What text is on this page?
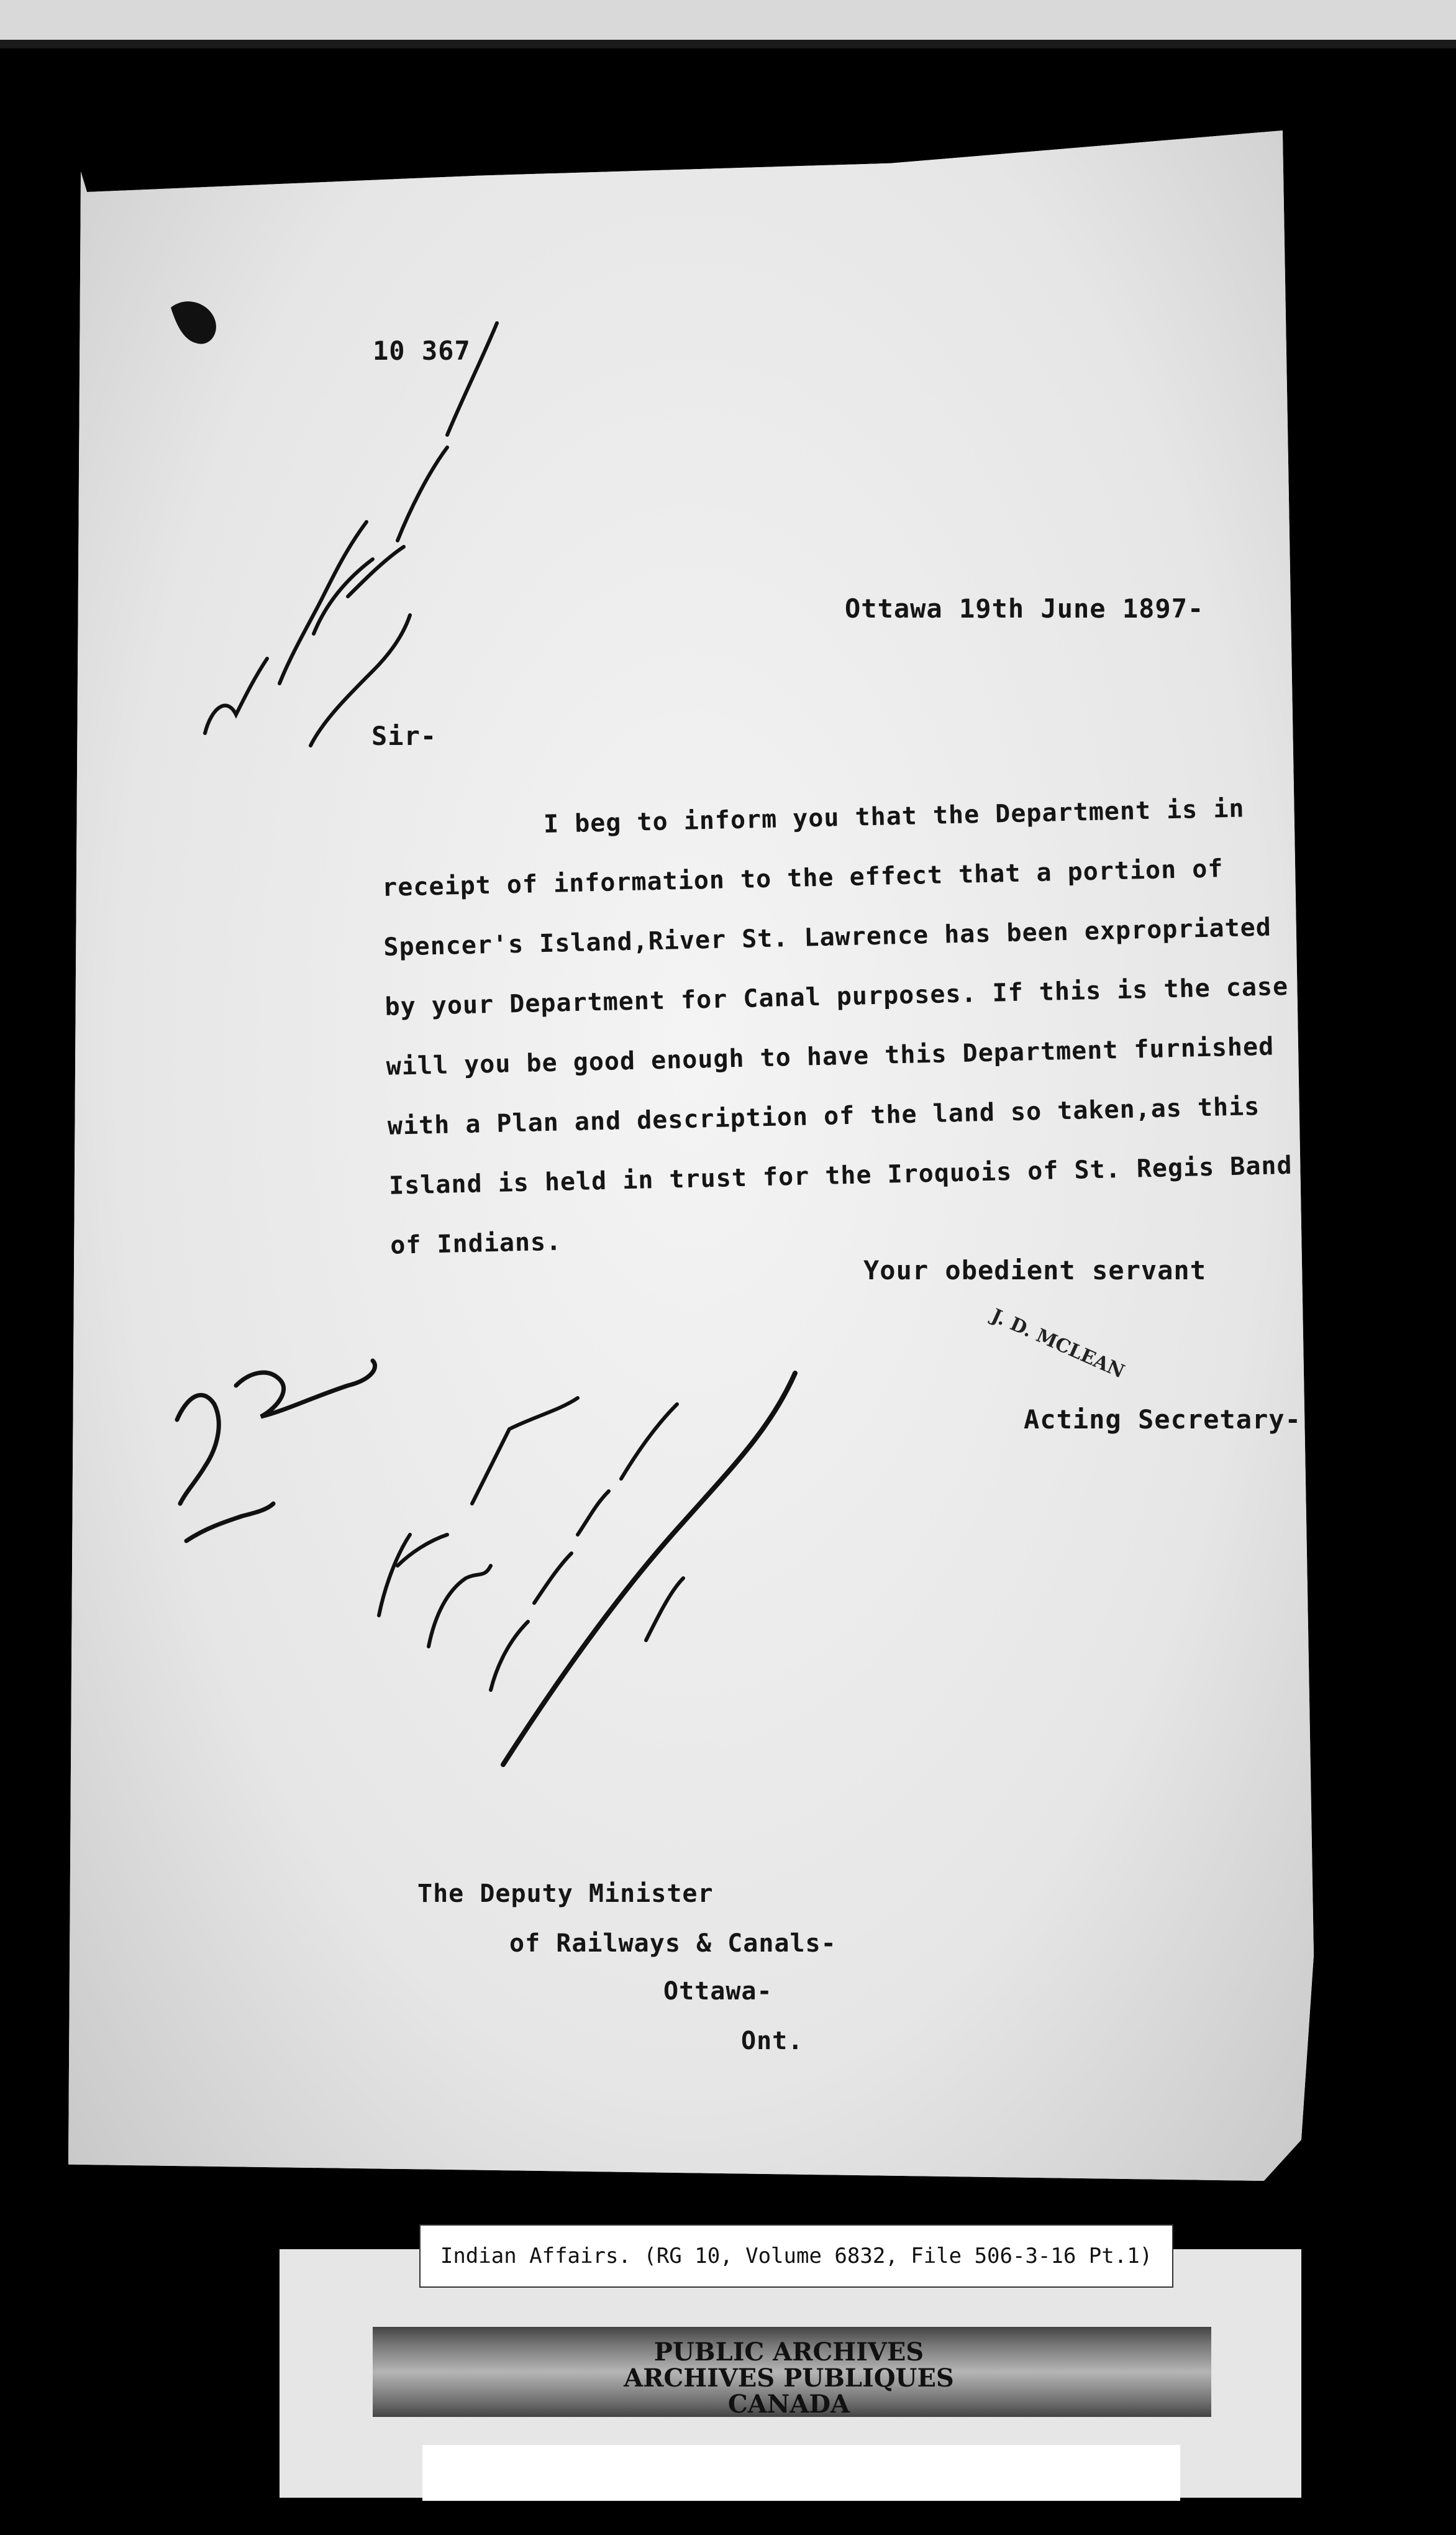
10 367
Ottawa 19th June 1897-
Sir-
I beg to inform you that the Department is in
receipt of information to the effect that a portion of
Spencer's Island,River St. Lawrence has been expropriated
by your Department for Canal purposes. If this is the case
will you be good enough to have this Department furnished
with a Plan and description of the land so taken,as this
Island is held in trust for the Iroquois of St. Regis Band
of Indians.
Your obedient servant
J. D. MCLEAN
Acting Secretary-
The Deputy Minister
of Railways & Canals-
Ottawa-
Ont.
Indian Affairs. (RG 10, Volume 6832, File 506-3-16 Pt.1)
PUBLIC ARCHIVES
ARCHIVES PUBLIQUES
CANADA
